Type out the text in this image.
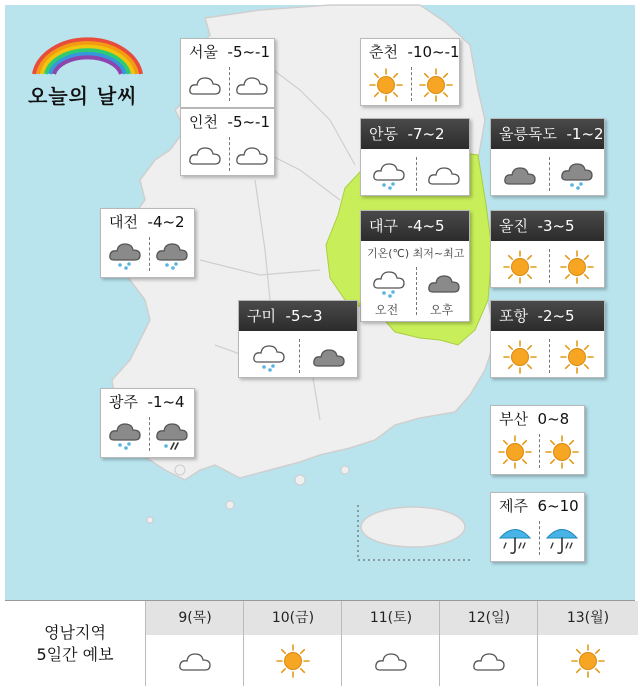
오늘의 날씨
서울 -5~-1
인천 -5~-1
춘천 -10~-1
안동 -7~2	울릉독도 -1~2
대전 -4~2	대구 -4~5
기온(℃) 최저~최고
오전	오후
울진 -3~5
구미 -5~3	포항 -2~5
광주 -1~4
부산 0~8
제주 6~10
영남지역
5일간 예보
9(목)	10(금)	11(토)	12(일)	13(월)
